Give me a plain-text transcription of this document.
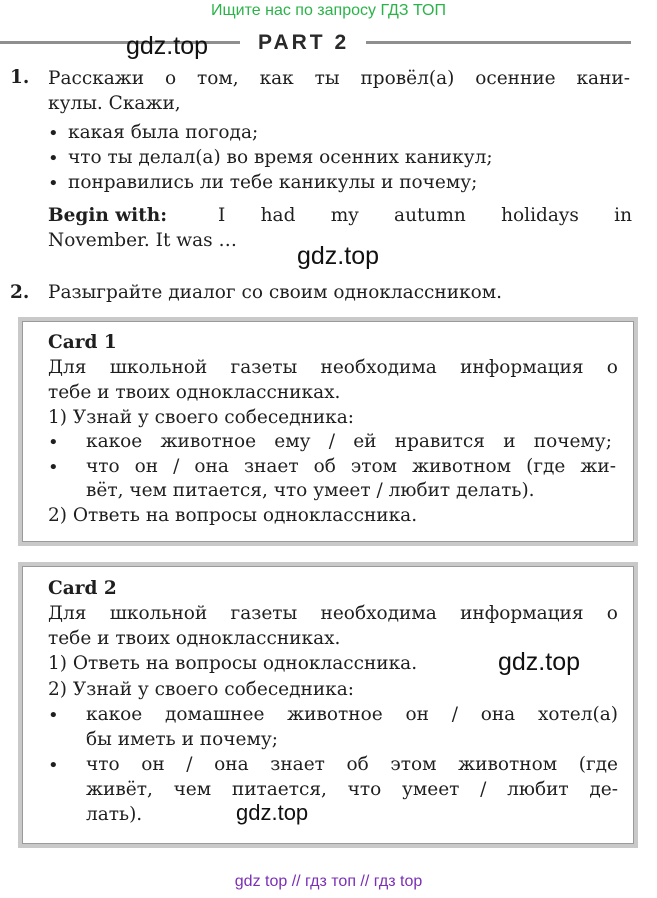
Ищите нас по запросу ГДЗ ТОП
PART 2
gdz.top
1. Расскажи о том, как ты провёл(а) осенние кани-
кулы. Скажи,
• какая была погода;
• что ты делал(а) во время осенних каникул;
• понравились ли тебе каникулы и почему;
Begin with:	I had my autumn holidays in
November. It was …
gdz.top
2. Разыграйте диалог со своим одноклассником.
Card 1
Для школьной газеты необходима информация о
тебе и твоих одноклассниках.
1) Узнай у своего собеседника:
• какое животное ему / ей нравится и почему;
• что он / она знает об этом животном (где жи-
вёт, чем питается, что умеет / любит делать).
2) Ответь на вопросы одноклассника.
Card 2
Для школьной газеты необходима информация о
тебе и твоих одноклассниках.
1) Ответь на вопросы одноклассника.	gdz.top
2) Узнай у своего собеседника:
• какое домашнее животное он / она хотел(а)
бы иметь и почему;
• что он / она знает об этом животном (где
живёт, чем питается, что умеет / любит де-
лать).	gdz.top
gdz top // гдз топ // гдз top
